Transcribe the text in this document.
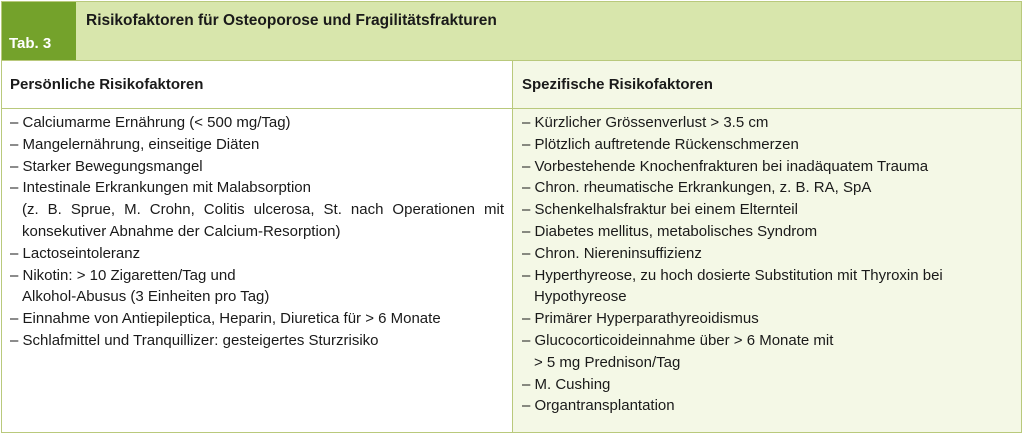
Tab. 3
Risikofaktoren für Osteoporose und Fragilitätsfrakturen
Persönliche Risikofaktoren	Spezifische Risikofaktoren
– Calciumarme Ernährung (< 500 mg/Tag)
– Mangelernährung, einseitige Diäten
– Starker Bewegungsmangel
– Intestinale Erkrankungen mit Malabsorption
(z. B. Sprue, M. Crohn, Colitis ulcerosa, St. nach Operationen mit
konsekutiver Abnahme der Calcium-Resorption)
– Lactoseintoleranz
– Nikotin: > 10 Zigaretten/Tag und
Alkohol-Abusus (3 Einheiten pro Tag)
– Einnahme von Antiepileptica, Heparin, Diuretica für > 6 Monate
– Schlafmittel und Tranquillizer: gesteigertes Sturzrisiko
– Kürzlicher Grössenverlust > 3.5 cm
– Plötzlich auftretende Rückenschmerzen
– Vorbestehende Knochenfrakturen bei inadäquatem Trauma
– Chron. rheumatische Erkrankungen, z. B. RA, SpA
– Schenkelhalsfraktur bei einem Elternteil
– Diabetes mellitus, metabolisches Syndrom
– Chron. Niereninsuffizienz
– Hyperthyreose, zu hoch dosierte Substitution mit Thyroxin bei
Hypothyreose
– Primärer Hyperparathyreoidismus
– Glucocorticoideinnahme über > 6 Monate mit
> 5 mg Prednison/Tag
– M. Cushing
– Organtransplantation
